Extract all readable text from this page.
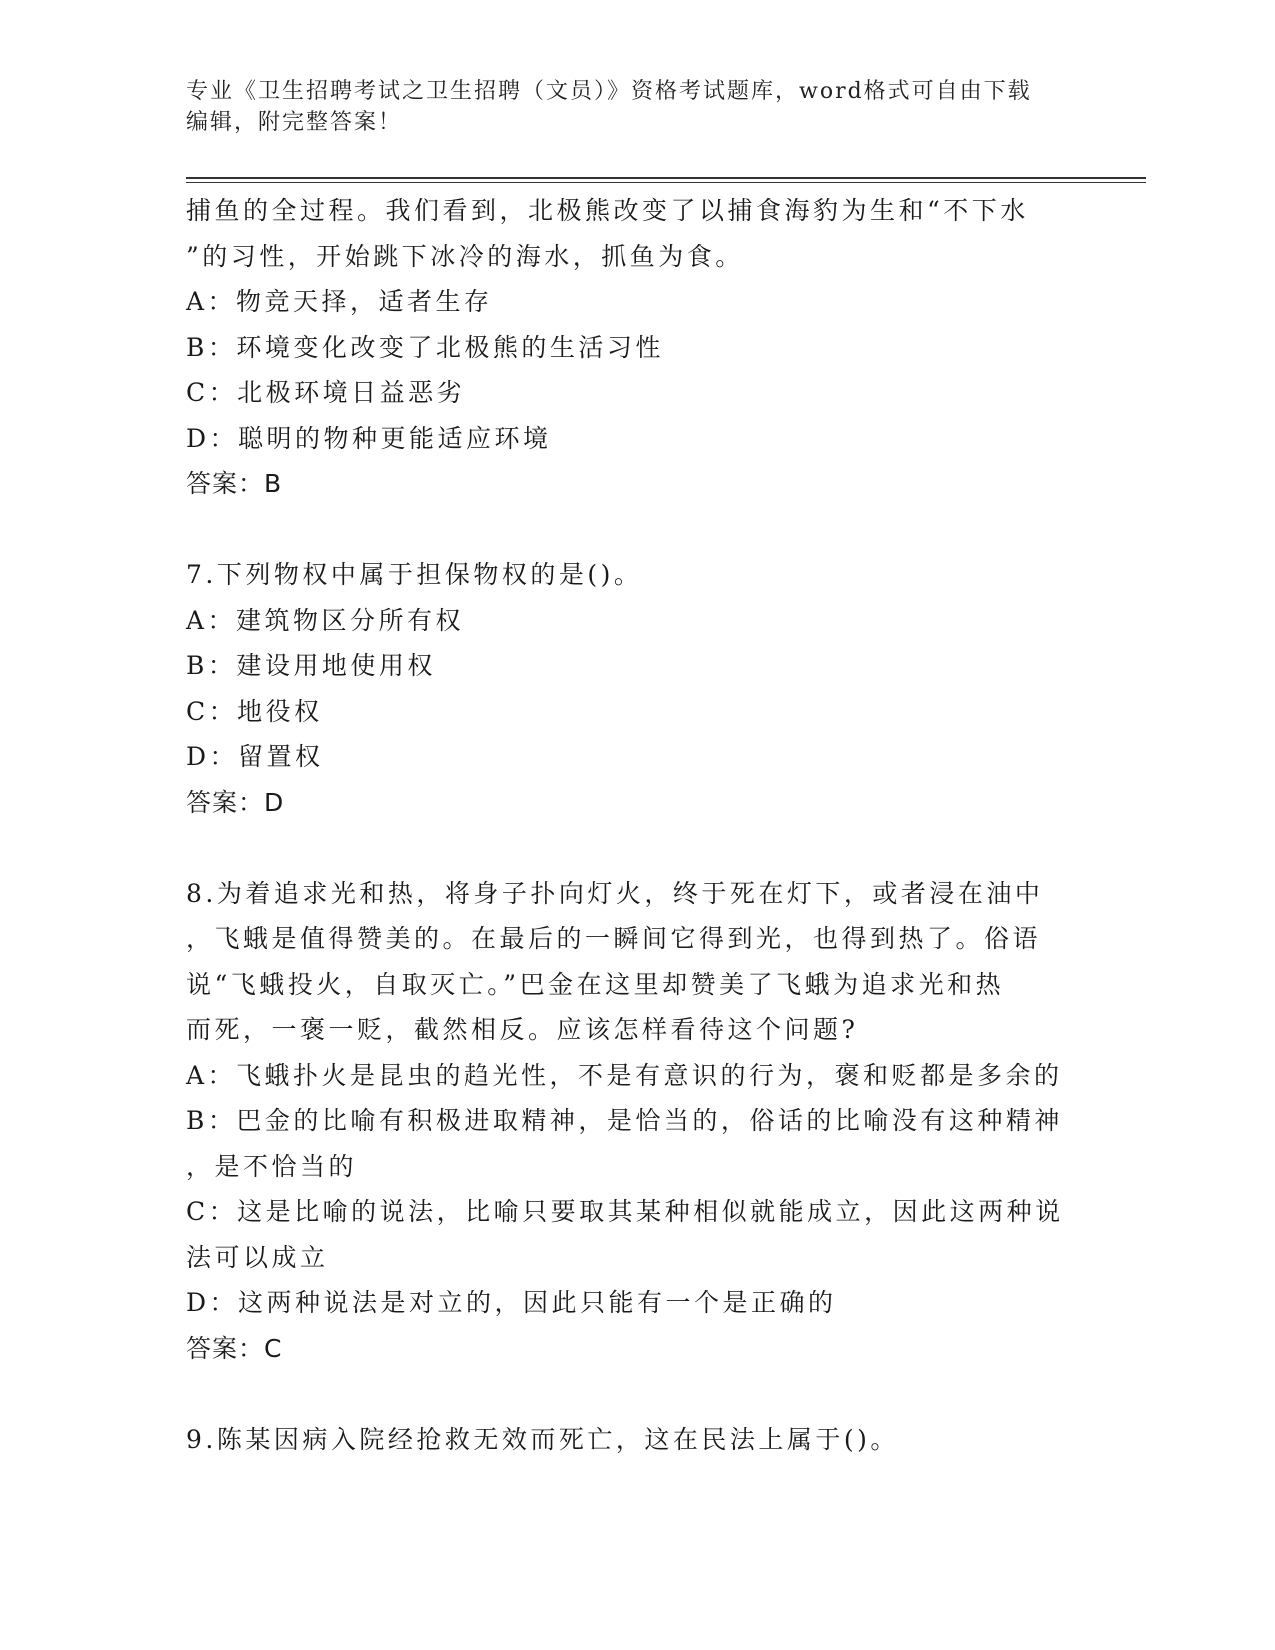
专业《卫生招聘考试之卫生招聘（文员）》资格考试题库，word格式可自由下载
编辑，附完整答案！
捕鱼的全过程。我们看到，北极熊改变了以捕食海豹为生和“不下水
”的习性，开始跳下冰冷的海水，抓鱼为食。
A：物竞天择，适者生存
B：环境变化改变了北极熊的生活习性
C：北极环境日益恶劣
D：聪明的物种更能适应环境
答案：B
7.下列物权中属于担保物权的是()。
A：建筑物区分所有权
B：建设用地使用权
C：地役权
D：留置权
答案：D
8.为着追求光和热，将身子扑向灯火，终于死在灯下，或者浸在油中
，飞蛾是值得赞美的。在最后的一瞬间它得到光，也得到热了。俗语
说“飞蛾投火，自取灭亡。”巴金在这里却赞美了飞蛾为追求光和热
而死，一褒一贬，截然相反。应该怎样看待这个问题?
A：飞蛾扑火是昆虫的趋光性，不是有意识的行为，褒和贬都是多余的
B：巴金的比喻有积极进取精神，是恰当的，俗话的比喻没有这种精神
，是不恰当的
C：这是比喻的说法，比喻只要取其某种相似就能成立，因此这两种说
法可以成立
D：这两种说法是对立的，因此只能有一个是正确的
答案：C
9.陈某因病入院经抢救无效而死亡，这在民法上属于()。
